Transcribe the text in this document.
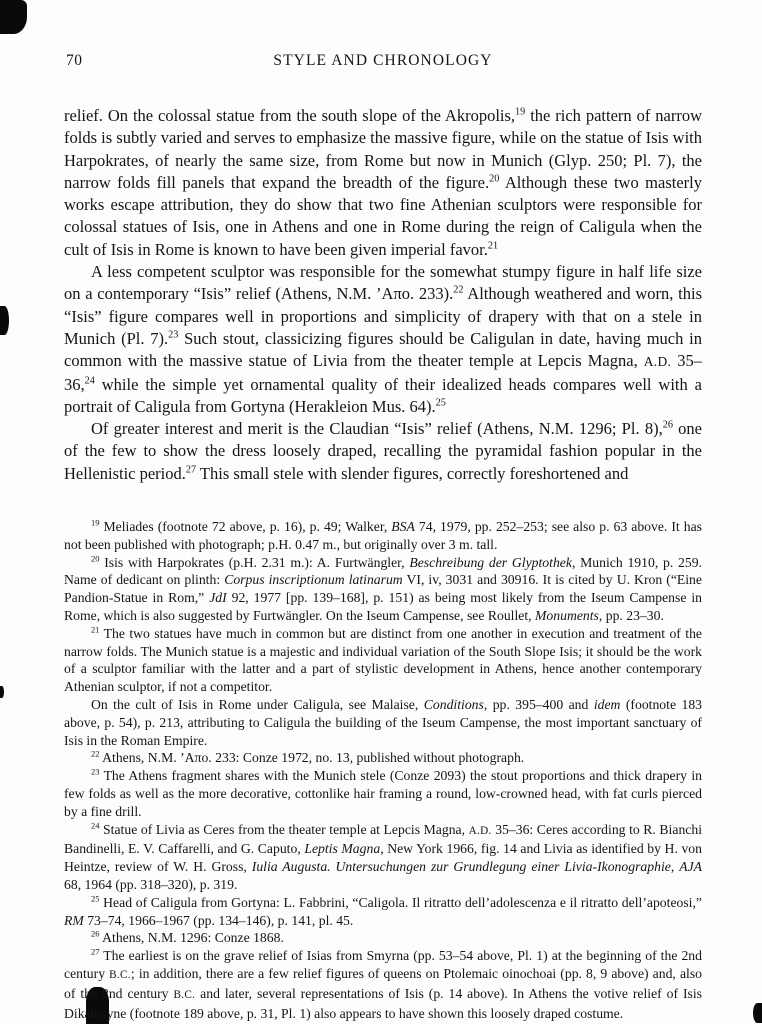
70	STYLE AND CHRONOLOGY

relief. On the colossal statue from the south slope of the Akropolis,$^{19}$ the rich pattern of narrow folds is subtly varied and serves to emphasize the massive figure, while on the statue of Isis with Harpokrates, of nearly the same size, from Rome but now in Munich (Glyp. 250; Pl. 7), the narrow folds fill panels that expand the breadth of the figure.$^{20}$ Although these two masterly works escape attribution, they do show that two fine Athenian sculptors were responsible for colossal statues of Isis, one in Athens and one in Rome during the reign of Caligula when the cult of Isis in Rome is known to have been given imperial favor.$^{21}$

A less competent sculptor was responsible for the somewhat stumpy figure in half life size on a contemporary “Isis” relief (Athens, N.M. ’Απο. 233).$^{22}$ Although weathered and worn, this “Isis” figure compares well in proportions and simplicity of drapery with that on a stele in Munich (Pl. 7).$^{23}$ Such stout, classicizing figures should be Caligulan in date, having much in common with the massive statue of Livia from the theater temple at Lepcis Magna, A.D. 35–36,24 while the simple yet ornamental quality of their idealized heads compares well with a portrait of Caligula from Gortyna (Herakleion Mus. 64).$^{25}$

Of greater interest and merit is the Claudian “Isis” relief (Athens, N.M. 1296; Pl. 8),$^{26}$ one of the few to show the dress loosely draped, recalling the pyramidal fashion popular in the Hellenistic period.$^{27}$ This small stele with slender figures, correctly foreshortened and

$^{19}$ Meliades (footnote 72 above, p. 16), p. 49; Walker, BSA 74, 1979, pp. 252–253; see also p. 63 above. It has not been published with photograph; p.H. 0.47 m., but originally over 3 m. tall.

$^{20}$ Isis with Harpokrates (p.H. 2.31 m.): A. Furtwängler, Beschreibung der Glyptothek, Munich 1910, p. 259. Name of dedicant on plinth: Corpus inscriptionum latinarum VI, iv, 3031 and 30916. It is cited by U. Kron (“Eine Pandion-Statue in Rom,” JdI 92, 1977 [pp. 139–168], p. 151) as being most likely from the Iseum Campense in Rome, which is also suggested by Furtwängler. On the Iseum Campense, see Roullet, Monuments, pp. 23–30.

$^{21}$ The two statues have much in common but are distinct from one another in execution and treatment of the narrow folds. The Munich statue is a majestic and individual variation of the South Slope Isis; it should be the work of a sculptor familiar with the latter and a part of stylistic development in Athens, hence another contemporary Athenian sculptor, if not a competitor.

On the cult of Isis in Rome under Caligula, see Malaise, Conditions, pp. 395–400 and idem (footnote 183 above, p. 54), p. 213, attributing to Caligula the building of the Iseum Campense, the most important sanctuary of Isis in the Roman Empire.

$^{22}$ Athens, N.M. ’Απο. 233: Conze 1972, no. 13, published without photograph.

$^{23}$ The Athens fragment shares with the Munich stele (Conze 2093) the stout proportions and thick drapery in few folds as well as the more decorative, cottonlike hair framing a round, low-crowned head, with fat curls pierced by a fine drill.

$^{24}$ Statue of Livia as Ceres from the theater temple at Lepcis Magna, A.D. 35–36: Ceres according to R. Bianchi Bandinelli, E. V. Caffarelli, and G. Caputo, Leptis Magna, New York 1966, fig. 14 and Livia as identified by H. von Heintze, review of W. H. Gross, Iulia Augusta. Untersuchungen zur Grundlegung einer Livia-Ikonographie, AJA 68, 1964 (pp. 318–320), p. 319.

$^{25}$ Head of Caligula from Gortyna: L. Fabbrini, “Caligola. Il ritratto dell’adolescenza e il ritratto dell’apoteosi,” RM 73–74, 1966–1967 (pp. 134–146), p. 141, pl. 45.

$^{26}$ Athens, N.M. 1296: Conze 1868.

$^{27}$ The earliest is on the grave relief of Isias from Smyrna (pp. 53–54 above, Pl. 1) at the beginning of the 2nd century B.C.; in addition, there are a few relief figures of queens on Ptolemaic oinochoai (pp. 8, 9 above) and, also of the 2nd century B.C. and later, several representations of Isis (p. 14 above). In Athens the votive relief of Isis Dikaiosyne (footnote 189 above, p. 31, Pl. 1) also appears to have shown this loosely draped costume.
